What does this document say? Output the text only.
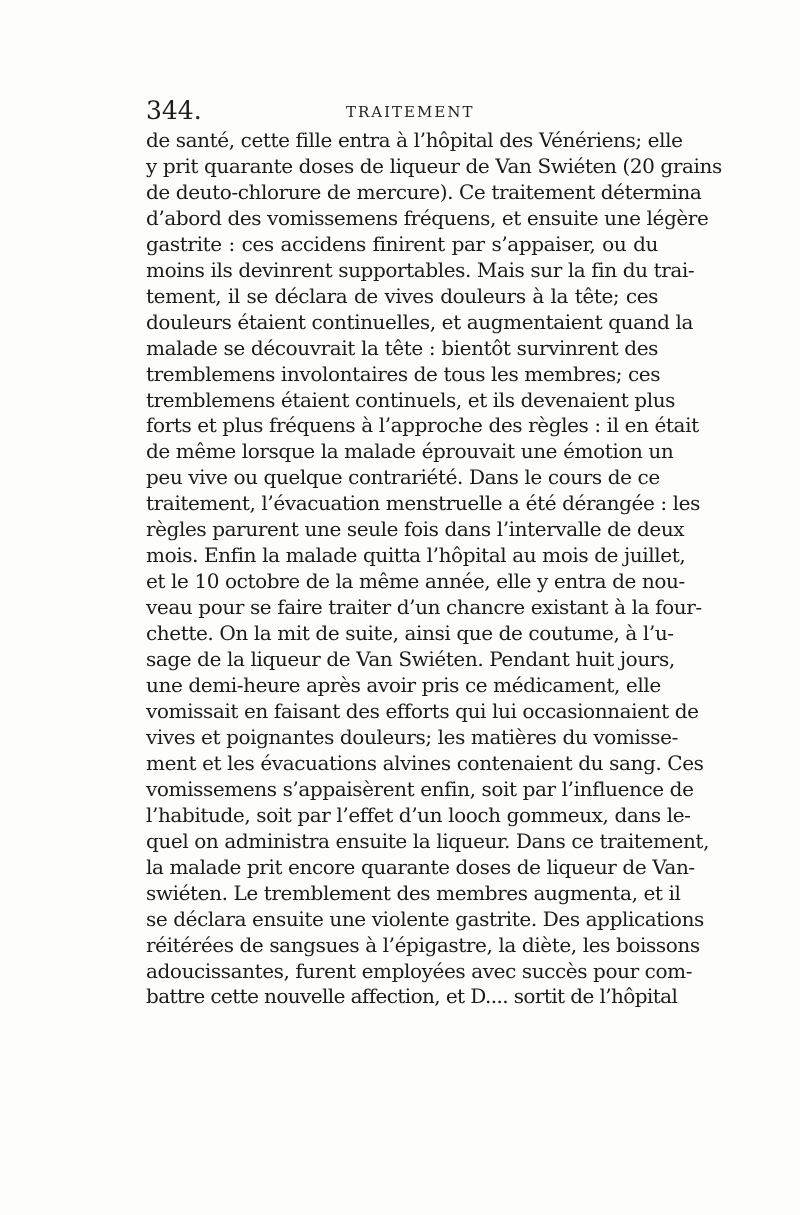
344.	TRAITEMENT
de santé, cette fille entra à l’hôpital des Vénériens; elle
y prit quarante doses de liqueur de Van Swiéten (20 grains
de deuto-chlorure de mercure). Ce traitement détermina
d’abord des vomissemens fréquens, et ensuite une légère
gastrite : ces accidens finirent par s’appaiser, ou du
moins ils devinrent supportables. Mais sur la fin du trai-
tement, il se déclara de vives douleurs à la tête; ces
douleurs étaient continuelles, et augmentaient quand la
malade se découvrait la tête : bientôt survinrent des
tremblemens involontaires de tous les membres; ces
tremblemens étaient continuels, et ils devenaient plus
forts et plus fréquens à l’approche des règles : il en était
de même lorsque la malade éprouvait une émotion un
peu vive ou quelque contrariété. Dans le cours de ce
traitement, l’évacuation menstruelle a été dérangée : les
règles parurent une seule fois dans l’intervalle de deux
mois. Enfin la malade quitta l’hôpital au mois de juillet,
et le 10 octobre de la même année, elle y entra de nou-
veau pour se faire traiter d’un chancre existant à la four-
chette. On la mit de suite, ainsi que de coutume, à l’u-
sage de la liqueur de Van Swiéten. Pendant huit jours,
une demi-heure après avoir pris ce médicament, elle
vomissait en faisant des efforts qui lui occasionnaient de
vives et poignantes douleurs; les matières du vomisse-
ment et les évacuations alvines contenaient du sang. Ces
vomissemens s’appaisèrent enfin, soit par l’influence de
l’habitude, soit par l’effet d’un looch gommeux, dans le-
quel on administra ensuite la liqueur. Dans ce traitement,
la malade prit encore quarante doses de liqueur de Van-
swiéten. Le tremblement des membres augmenta, et il
se déclara ensuite une violente gastrite. Des applications
réitérées de sangsues à l’épigastre, la diète, les boissons
adoucissantes, furent employées avec succès pour com-
battre cette nouvelle affection, et D.... sortit de l’hôpital
